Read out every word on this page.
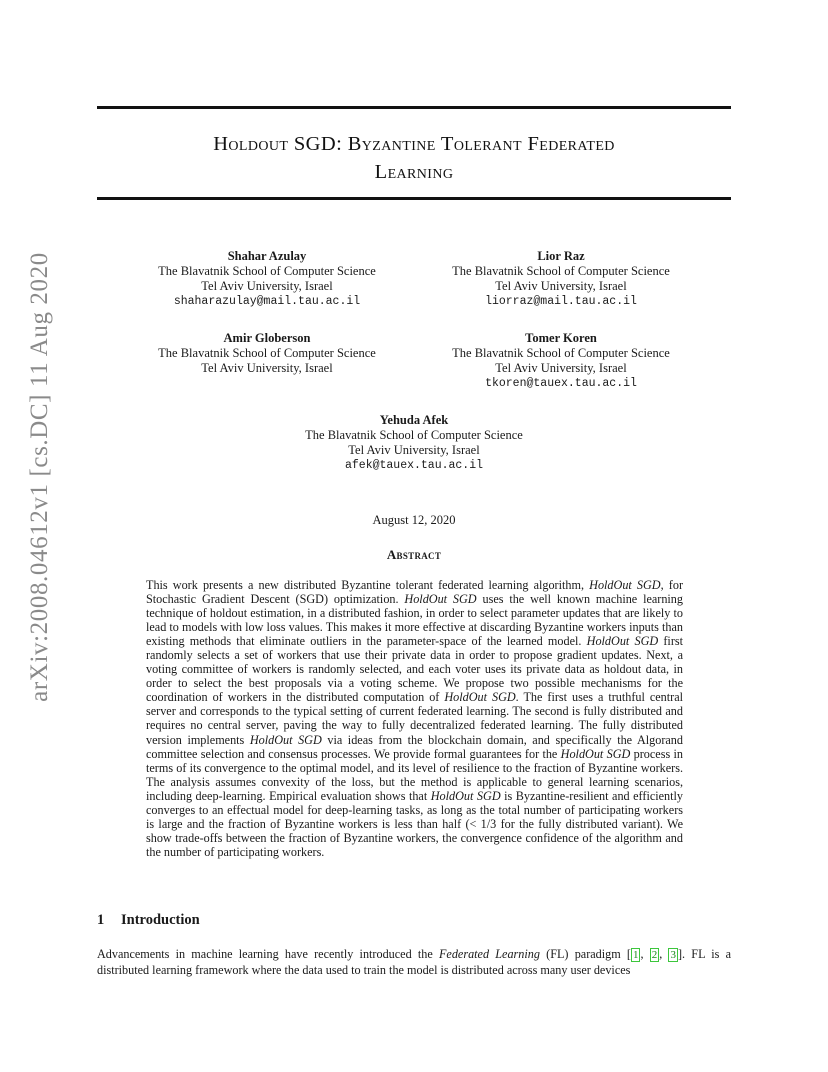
arXiv:2008.04612v1 [cs.DC] 11 Aug 2020
Holdout SGD: Byzantine Tolerant Federated
Learning
Shahar Azulay
The Blavatnik School of Computer Science
Tel Aviv University, Israel
shaharazulay@mail.tau.ac.il
Lior Raz
The Blavatnik School of Computer Science
Tel Aviv University, Israel
liorraz@mail.tau.ac.il
Amir Globerson
The Blavatnik School of Computer Science
Tel Aviv University, Israel
Tomer Koren
The Blavatnik School of Computer Science
Tel Aviv University, Israel
tkoren@tauex.tau.ac.il
Yehuda Afek
The Blavatnik School of Computer Science
Tel Aviv University, Israel
afek@tauex.tau.ac.il
August 12, 2020
Abstract

This work presents a new distributed Byzantine tolerant federated learning algorithm, HoldOut SGD, for Stochastic Gradient Descent (SGD) optimization. HoldOut SGD uses the well known machine learning technique of holdout estimation, in a distributed fashion, in order to select parameter updates that are likely to lead to models with low loss values. This makes it more effective at discarding Byzantine workers inputs than existing methods that eliminate outliers in the parameter-space of the learned model. HoldOut SGD first randomly selects a set of workers that use their private data in order to propose gradient updates. Next, a voting committee of workers is randomly selected, and each voter uses its private data as holdout data, in order to select the best proposals via a voting scheme. We propose two possible mechanisms for the coordination of workers in the distributed computation of HoldOut SGD. The first uses a truthful central server and corresponds to the typical setting of current federated learning. The second is fully distributed and requires no central server, paving the way to fully decentralized federated learning. The fully distributed version implements HoldOut SGD via ideas from the blockchain domain, and specifically the Algorand committee selection and consensus processes. We provide formal guarantees for the HoldOut SGD process in terms of its convergence to the optimal model, and its level of resilience to the fraction of Byzantine workers. The analysis assumes convexity of the loss, but the method is applicable to general learning scenarios, including deep-learning. Empirical evaluation shows that HoldOut SGD is Byzantine-resilient and efficiently converges to an effectual model for deep-learning tasks, as long as the total number of participating workers is large and the fraction of Byzantine workers is less than half (< 1/3 for the fully distributed variant). We show trade-offs between the fraction of Byzantine workers, the convergence confidence of the algorithm and the number of participating workers.

1 Introduction

Advancements in machine learning have recently introduced the Federated Learning (FL) paradigm [ 1 , 2 , 3 ]. FL is a distributed learning framework where the data used to train the model is distributed across many user devices
